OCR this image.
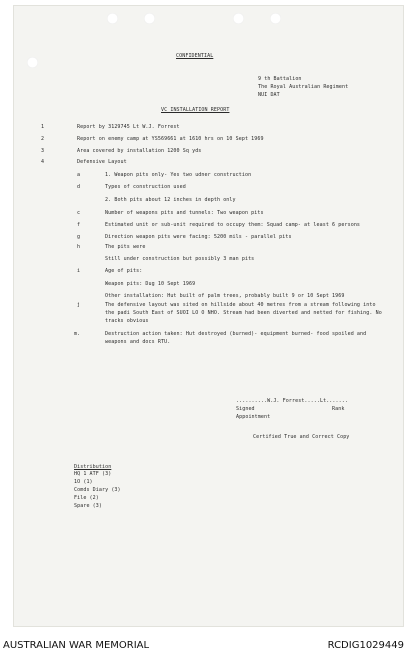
CONFIDENTIAL
9 th Battalion
The Royal Australian Regiment
NUI DAT
VC INSTALLATION REPORT
1	Report by 3129745 Lt W.J. Forrest
2	Report on enemy camp at YS569661 at 1610 hrs on 10 Sept 1969
3	Area covered by installation 1200 Sq yds
4	Defensive Layout
a	1. Weapon pits only- Yes two udner construction
d	Types of construction used
2. Both pits about 12 inches in depth only
c	Number of weapons pits and tunnels: Two weapon pits
f	Estimated unit or sub-unit required to occupy them: Squad camp- at least 6 persons
g	Direction weapon pits were facing: 5200 mils - parallel pits
h	The pits were
Still under construction but possibly 3 man pits
i	Age of pits:
Weapon pits: Dug 10 Sept 1969
Other installation: Hut built of palm trees, probably built 9 or 10 Sept 1969
j	The defensive layout was sited on hillside about 40 metres from a stream following into
the padi South East of SUOI LO O NHO. Stream had been diverted and netted for fishing. No
tracks obvious
m.	Destruction action taken: Hut destroyed (burned)- equipment burned- food spoiled and
weapons and docs RTU.
..........W.J. Forrest.....Lt.......
Signed	Rank
Appointment
Certified True and Correct Copy
Distribution
HQ 1 ATF (3)
1O (1)
Comds Diary (3)
File (2)
Spare (3)
AUSTRALIAN WAR MEMORIAL	RCDIG1029449
